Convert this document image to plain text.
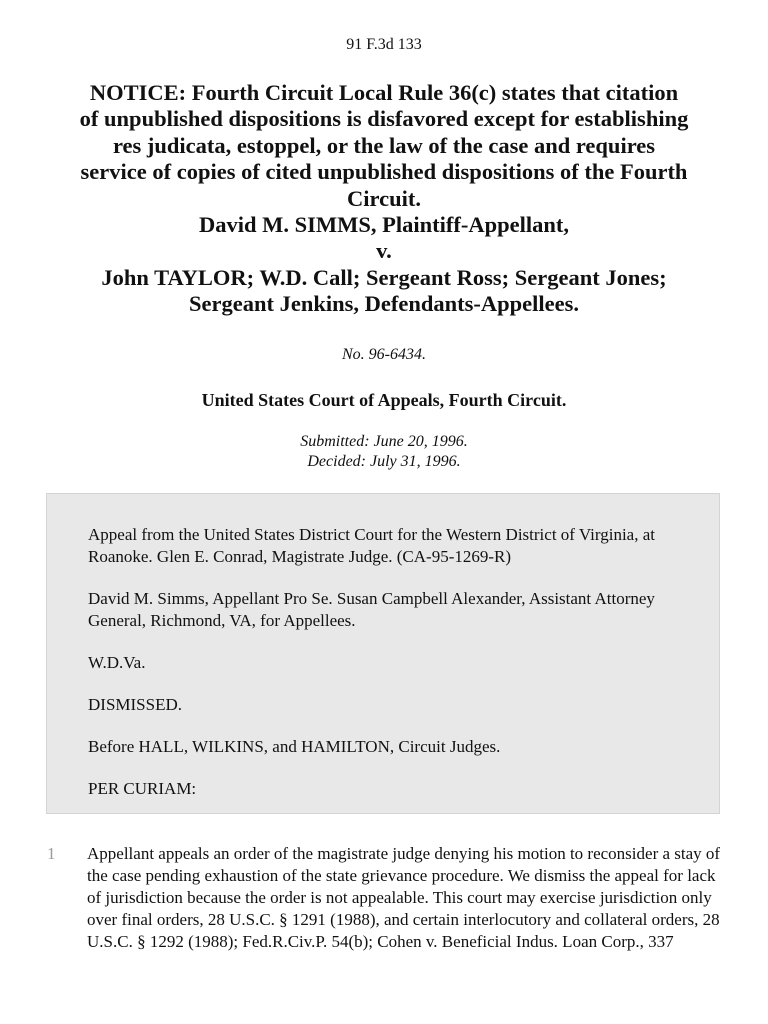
91 F.3d 133
NOTICE: Fourth Circuit Local Rule 36(c) states that citation
of unpublished dispositions is disfavored except for establishing
res judicata, estoppel, or the law of the case and requires
service of copies of cited unpublished dispositions of the Fourth
Circuit.
David M. SIMMS, Plaintiff-Appellant,
v.
John TAYLOR; W.D. Call; Sergeant Ross; Sergeant Jones;
Sergeant Jenkins, Defendants-Appellees.
No. 96-6434.
United States Court of Appeals, Fourth Circuit.
Submitted: June 20, 1996.
Decided: July 31, 1996.

Appeal from the United States District Court for the Western District of Virginia, at Roanoke. Glen E. Conrad, Magistrate Judge. (CA-95-1269-R)

David M. Simms, Appellant Pro Se. Susan Campbell Alexander, Assistant Attorney General, Richmond, VA, for Appellees.

W.D.Va.

DISMISSED.

Before HALL, WILKINS, and HAMILTON, Circuit Judges.

PER CURIAM:

1 Appellant appeals an order of the magistrate judge denying his motion to reconsider a stay of the case pending exhaustion of the state grievance procedure. We dismiss the appeal for lack of jurisdiction because the order is not appealable. This court may exercise jurisdiction only over final orders, 28 U.S.C. § 1291 (1988), and certain interlocutory and collateral orders, 28 U.S.C. § 1292 (1988); Fed.R.Civ.P. 54(b); Cohen v. Beneficial Indus. Loan Corp., 337
